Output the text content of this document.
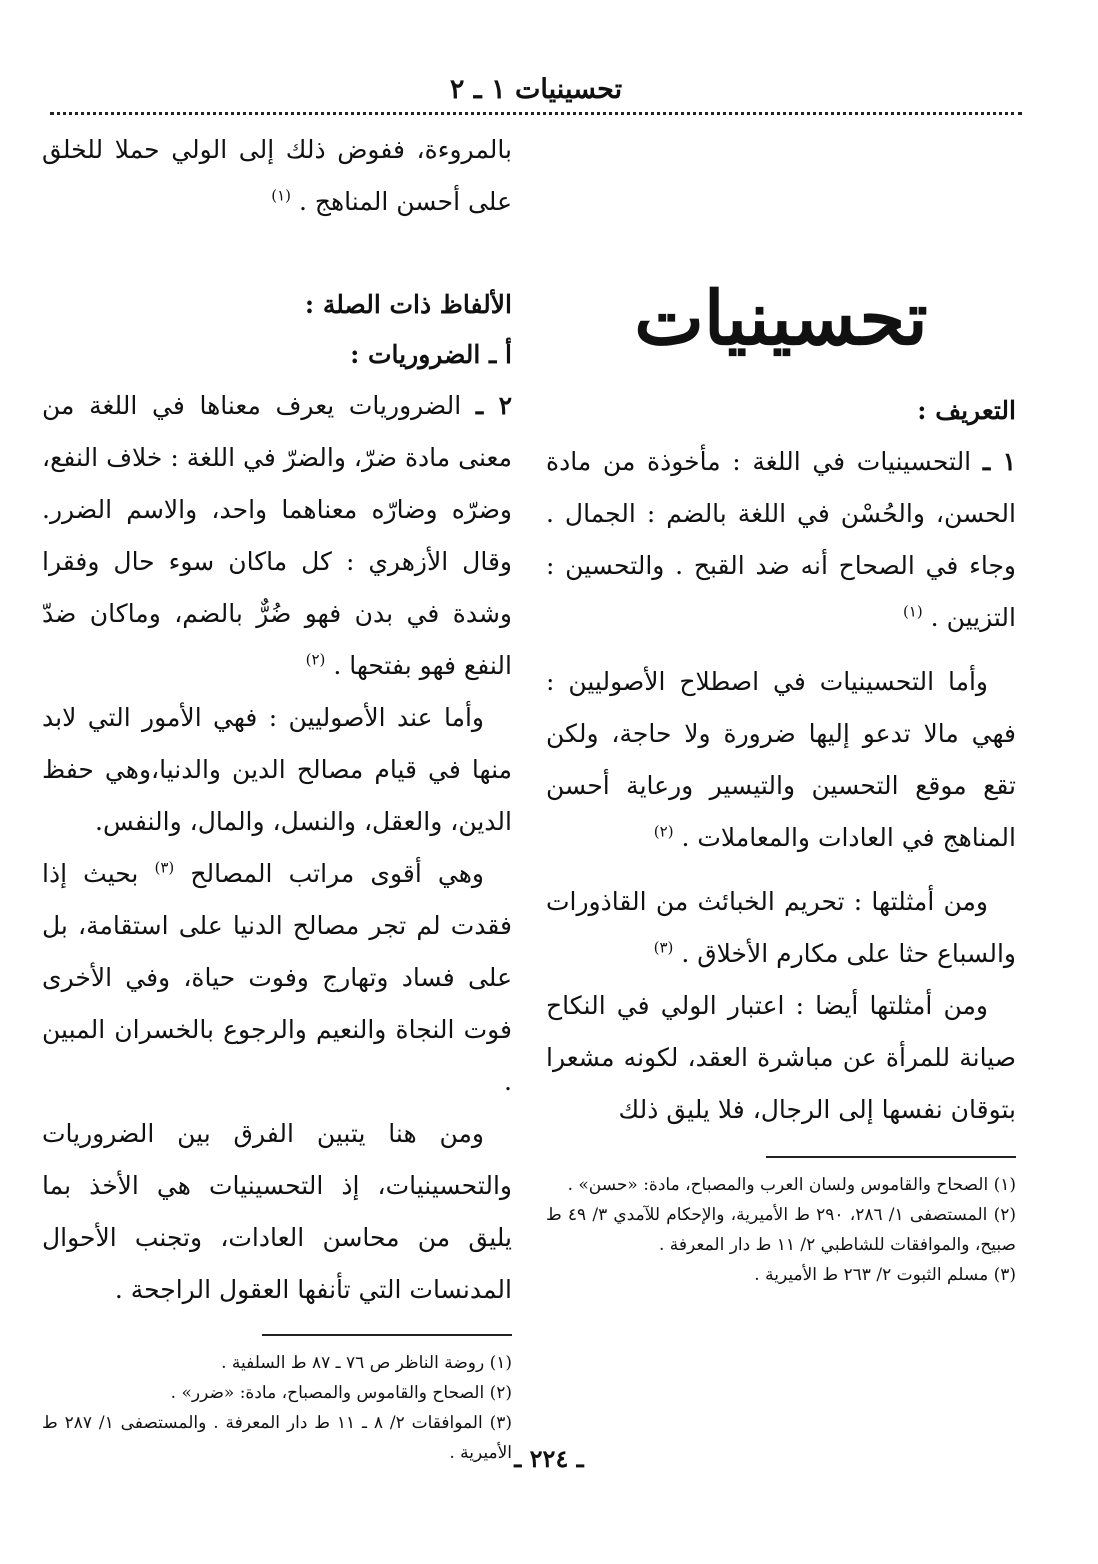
تحسينيات ١ ـ ٢
تحسينيات
التعريف :

١ ـ التحسينيات في اللغة : مأخوذة من مادة الحسن، والحُسْن في اللغة بالضم : الجمال . وجاء في الصحاح أنه ضد القبح . والتحسين : التزيين . $^{(١)}$

وأما التحسينيات في اصطلاح الأصوليين : فهي مالا تدعو إليها ضرورة ولا حاجة، ولكن تقع موقع التحسين والتيسير ورعاية أحسن المناهج في العادات والمعاملات . $^{(٢)}$

ومن أمثلتها : تحريم الخبائث من القاذورات والسباع حثا على مكارم الأخلاق . $^{(٣)}$

ومن أمثلتها أيضا : اعتبار الولي في النكاح صيانة للمرأة عن مباشرة العقد، لكونه مشعرا بتوقان نفسها إلى الرجال، فلا يليق ذلك

(١) الصحاح والقاموس ولسان العرب والمصباح، مادة: «حسن» .
(٢) المستصفى ١/ ٢٨٦، ٢٩٠ ط الأميرية، والإحكام للآمدي ٣/ ٤٩ ط صبيح، والموافقات للشاطبي ٢/ ١١ ط دار المعرفة .
(٣) مسلم الثبوت ٢/ ٢٦٣ ط الأميرية .

بالمروءة، ففوض ذلك إلى الولي حملا للخلق على أحسن المناهج . $^{(١)}$

الألفاظ ذات الصلة :
أ ـ الضروريات :

٢ ـ الضروريات يعرف معناها في اللغة من معنى مادة ضرّ، والضرّ في اللغة : خلاف النفع، وضرّه وضارّه معناهما واحد، والاسم الضرر. وقال الأزهري : كل ماكان سوء حال وفقرا وشدة في بدن فهو ضُرٌّ بالضم، وماكان ضدّ النفع فهو بفتحها . $^{(٢)}$

وأما عند الأصوليين : فهي الأمور التي لابد منها في قيام مصالح الدين والدنيا،وهي حفظ الدين، والعقل، والنسل، والمال، والنفس.

وهي أقوى مراتب المصالح $^{(٣)}$ بحيث إذا فقدت لم تجر مصالح الدنيا على استقامة، بل على فساد وتهارج وفوت حياة، وفي الأخرى فوت النجاة والنعيم والرجوع بالخسران المبين .

ومن هنا يتبين الفرق بين الضروريات والتحسينيات، إذ التحسينيات هي الأخذ بما يليق من محاسن العادات، وتجنب الأحوال المدنسات التي تأنفها العقول الراجحة .

(١) روضة الناظر ص ٧٦ ـ ٨٧ ط السلفية .
(٢) الصحاح والقاموس والمصباح، مادة: «ضرر» .
(٣) الموافقات ٢/ ٨ ـ ١١ ط دار المعرفة . والمستصفى ١/ ٢٨٧ ط الأميرية . ـ ٢٢٤ ـ
